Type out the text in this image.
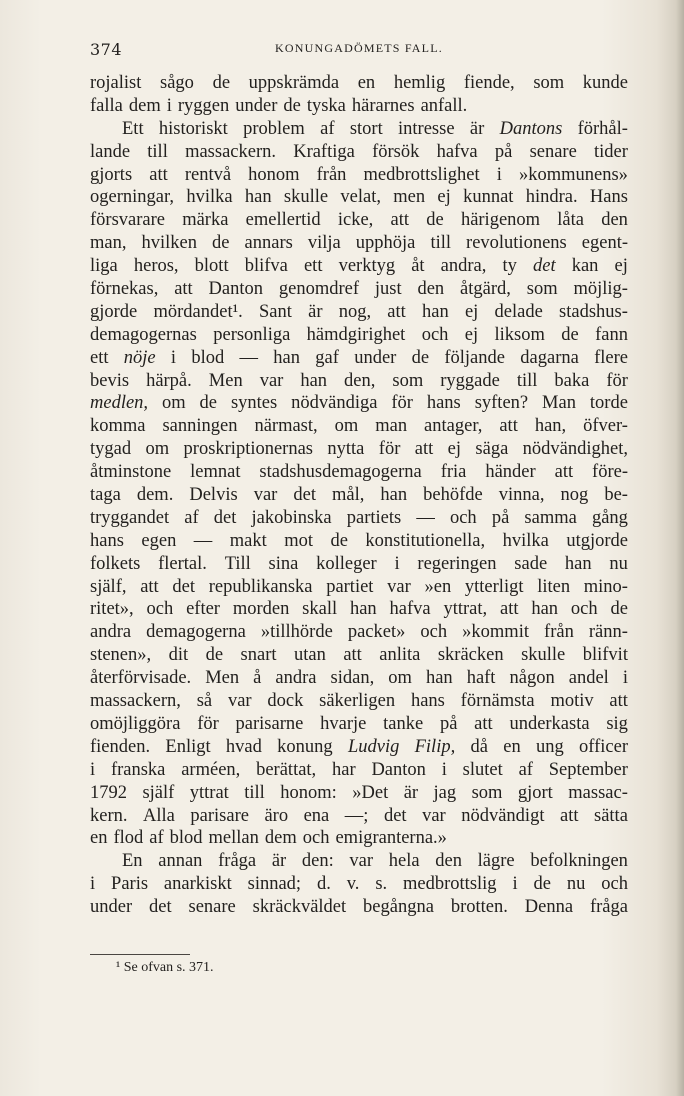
374	KONUNGADÖMETS FALL.
rojalist sågo de uppskrämda en hemlig fiende, som kunde
falla dem i ryggen under de tyska härarnes anfall.
Ett historiskt problem af stort intresse är Dantons förhål-
lande till massackern. Kraftiga försök hafva på senare tider
gjorts att rentvå honom från medbrottslighet i »kommunens»
ogerningar, hvilka han skulle velat, men ej kunnat hindra. Hans
försvarare märka emellertid icke, att de härigenom låta den
man, hvilken de annars vilja upphöja till revolutionens egent-
liga heros, blott blifva ett verktyg åt andra, ty det kan ej
förnekas, att Danton genomdref just den åtgärd, som möjlig-
gjorde mördandet¹. Sant är nog, att han ej delade stadshus-
demagogernas personliga hämdgirighet och ej liksom de fann
ett nöje i blod — han gaf under de följande dagarna flere
bevis härpå. Men var han den, som ryggade till baka för
medlen, om de syntes nödvändiga för hans syften? Man torde
komma sanningen närmast, om man antager, att han, öfver-
tygad om proskriptionernas nytta för att ej säga nödvändighet,
åtminstone lemnat stadshusdemagogerna fria händer att före-
taga dem. Delvis var det mål, han behöfde vinna, nog be-
tryggandet af det jakobinska partiets — och på samma gång
hans egen — makt mot de konstitutionella, hvilka utgjorde
folkets flertal. Till sina kolleger i regeringen sade han nu
själf, att det republikanska partiet var »en ytterligt liten mino-
ritet», och efter morden skall han hafva yttrat, att han och de
andra demagogerna »tillhörde packet» och »kommit från ränn-
stenen», dit de snart utan att anlita skräcken skulle blifvit
återförvisade. Men å andra sidan, om han haft någon andel i
massackern, så var dock säkerligen hans förnämsta motiv att
omöjliggöra för parisarne hvarje tanke på att underkasta sig
fienden. Enligt hvad konung Ludvig Filip, då en ung officer
i franska arméen, berättat, har Danton i slutet af September
1792 själf yttrat till honom: »Det är jag som gjort massac-
kern. Alla parisare äro ena —; det var nödvändigt att sätta
en flod af blod mellan dem och emigranterna.»
En annan fråga är den: var hela den lägre befolkningen
i Paris anarkiskt sinnad; d. v. s. medbrottslig i de nu och
under det senare skräckväldet begångna brotten. Denna fråga
¹ Se ofvan s. 371.
